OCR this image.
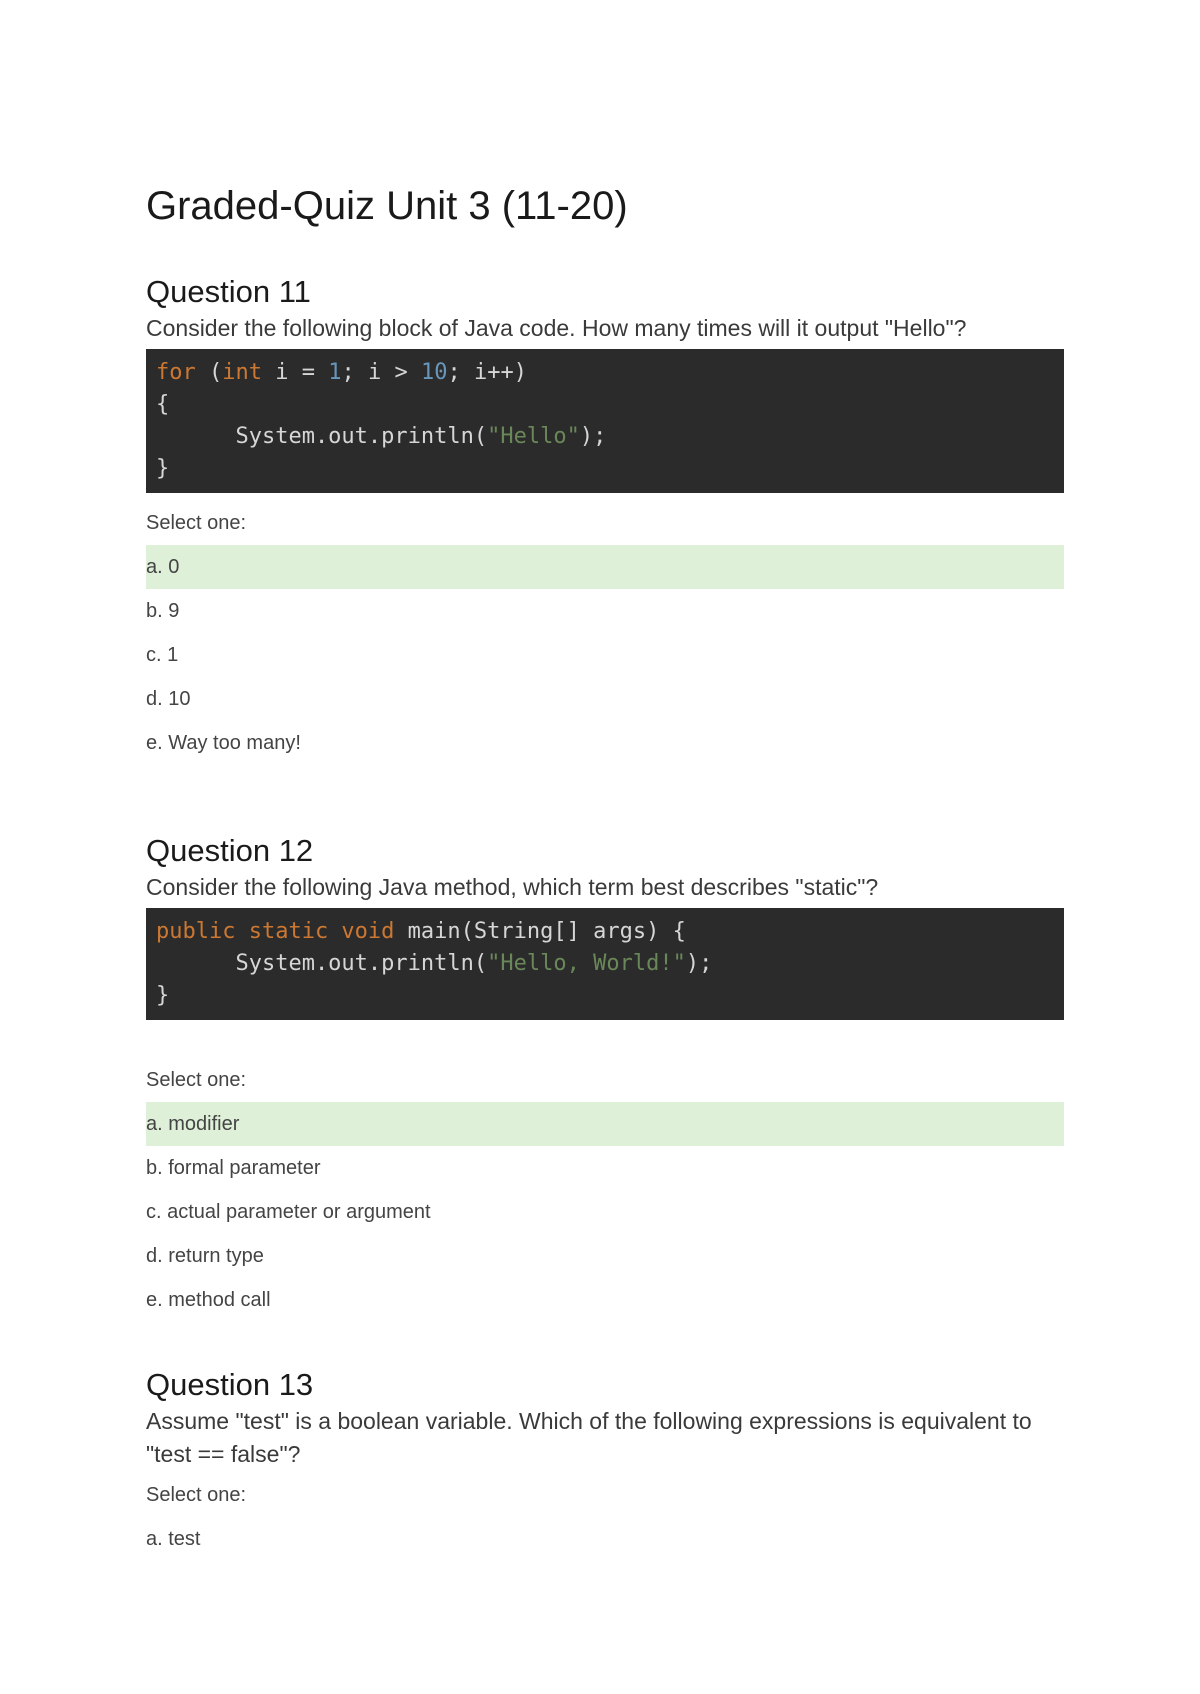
Graded-Quiz Unit 3 (11-20)
Question 11
Consider the following block of Java code. How many times will it output "Hello"?
for (int i = 1; i > 10; i++)
{
System.out.println("Hello");
}
Select one:
a. 0
b. 9
c. 1
d. 10
e. Way too many!
Question 12
Consider the following Java method, which term best describes "static"?
public static void main(String[] args) {
System.out.println("Hello, World!");
}
Select one:
a. modifier
b. formal parameter
c. actual parameter or argument
d. return type
e. method call
Question 13
Assume "test" is a boolean variable. Which of the following expressions is equivalent to "test == false"?
Select one:
a. test
